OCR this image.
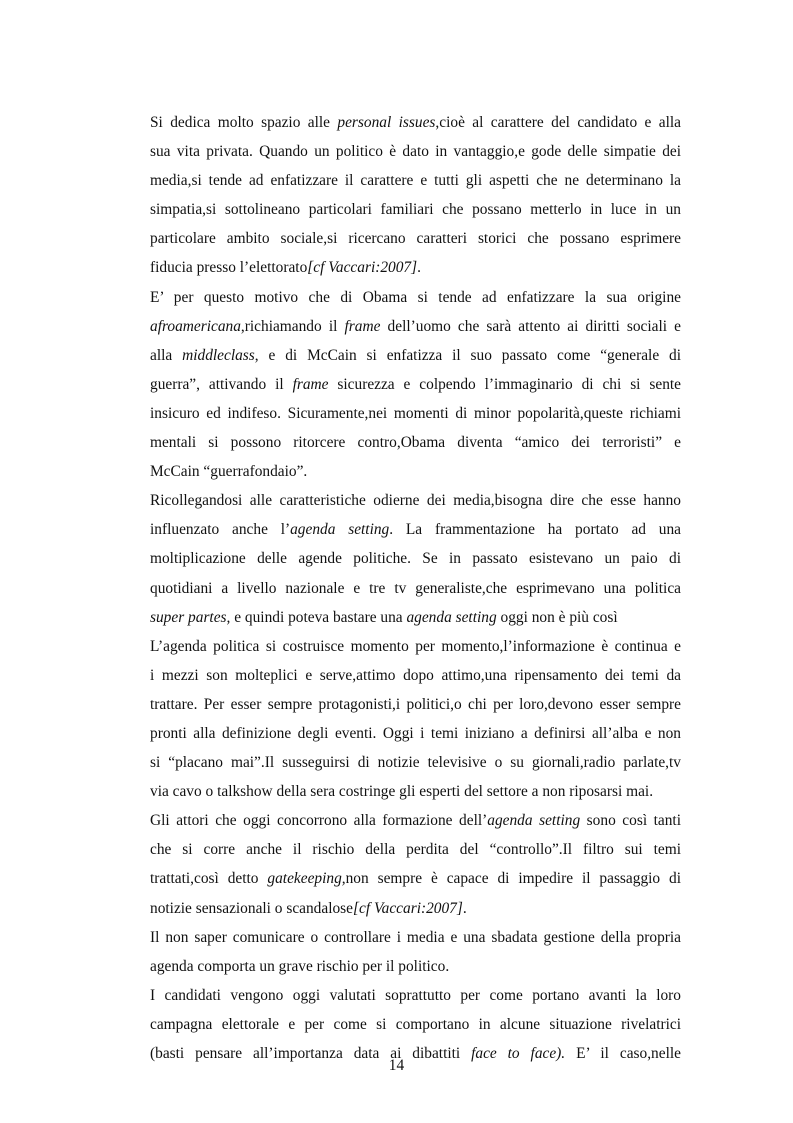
Si dedica molto spazio alle personal issues,cioè al carattere del candidato e alla

sua vita privata. Quando un politico è dato in vantaggio,e gode delle simpatie dei

media,si tende ad enfatizzare il carattere e tutti gli aspetti che ne determinano la

simpatia,si sottolineano particolari familiari che possano metterlo in luce in un

particolare ambito sociale,si ricercano caratteri storici che possano esprimere

fiducia presso l’elettorato[cf Vaccari:2007].

E’ per questo motivo che di Obama si tende ad enfatizzare la sua origine

afroamericana,richiamando il frame dell’uomo che sarà attento ai diritti sociali e

alla middleclass, e di McCain si enfatizza il suo passato come “generale di

guerra”, attivando il frame sicurezza e colpendo l’immaginario di chi si sente

insicuro ed indifeso. Sicuramente,nei momenti di minor popolarità,queste richiami

mentali si possono ritorcere contro,Obama diventa “amico dei terroristi” e

McCain “guerrafondaio”.

Ricollegandosi alle caratteristiche odierne dei media,bisogna dire che esse hanno

influenzato anche l’agenda setting. La frammentazione ha portato ad una

moltiplicazione delle agende politiche. Se in passato esistevano un paio di

quotidiani a livello nazionale e tre tv generaliste,che esprimevano una politica

super partes, e quindi poteva bastare una agenda setting oggi non è più così

L’agenda politica si costruisce momento per momento,l’informazione è continua e

i mezzi son molteplici e serve,attimo dopo attimo,una ripensamento dei temi da

trattare. Per esser sempre protagonisti,i politici,o chi per loro,devono esser sempre

pronti alla definizione degli eventi. Oggi i temi iniziano a definirsi all’alba e non

si “placano mai”.Il susseguirsi di notizie televisive o su giornali,radio parlate,tv

via cavo o talkshow della sera costringe gli esperti del settore a non riposarsi mai.

Gli attori che oggi concorrono alla formazione dell’agenda setting sono così tanti

che si corre anche il rischio della perdita del “controllo”.Il filtro sui temi

trattati,così detto gatekeeping,non sempre è capace di impedire il passaggio di

notizie sensazionali o scandalose[cf Vaccari:2007].

Il non saper comunicare o controllare i media e una sbadata gestione della propria

agenda comporta un grave rischio per il politico.

I candidati vengono oggi valutati soprattutto per come portano avanti la loro

campagna elettorale e per come si comportano in alcune situazione rivelatrici

(basti pensare all’importanza data ai dibattiti face to face). E’ il caso,nelle

14
